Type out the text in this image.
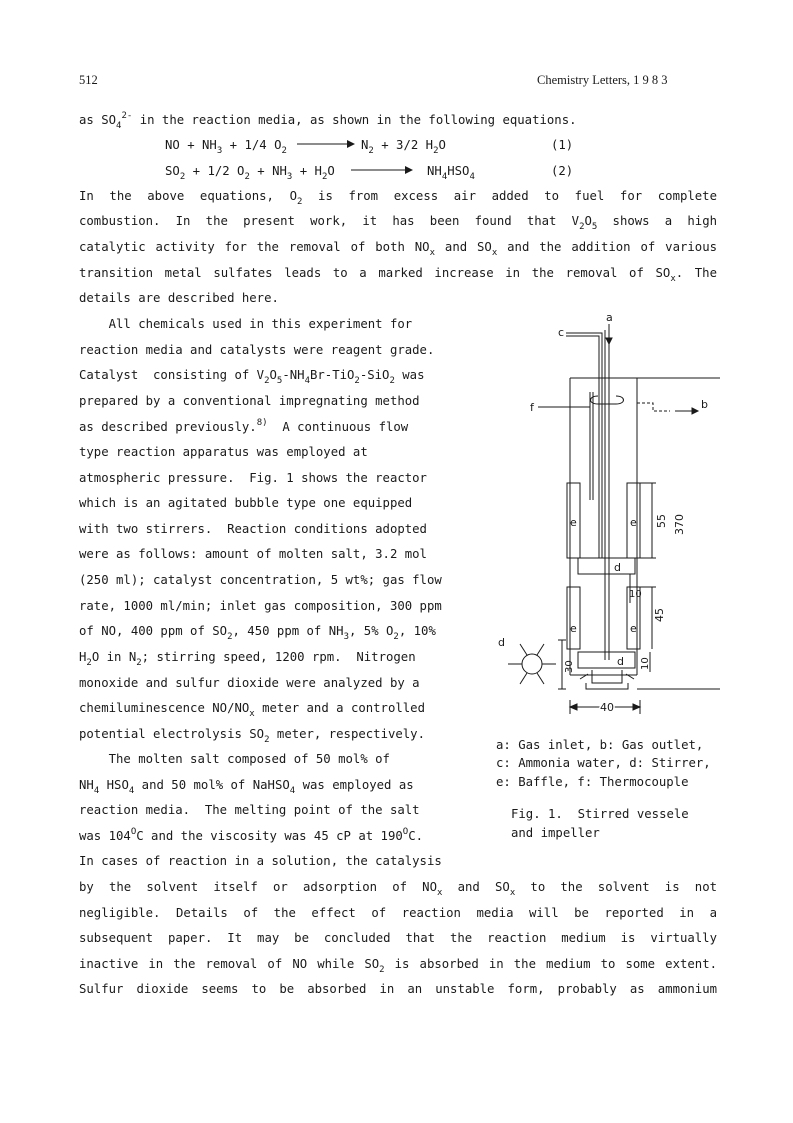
512	Chemistry Letters, 1 9 8 3
as $SO_4^{2-}$ in the reaction media, as shown in the following equations.
NO + $NH_3 + 1/4$ $O_2 \to N_2 + 3/2$ $H_2O$	(1)
$SO_2 + 1/2$ $O_2 + NH_3 + H_2O \to NH_4HSO_4$	(2)
In the above equations, $O_2$ is from excess air added to fuel for complete
combustion. In the present work, it has been found that $V_2O_5$ shows a high
catalytic activity for the removal of both $NO_x$ and $SO_x$ and the addition of various
transition metal sulfates leads to a marked increase in the removal of $SO_x$. The
details are described here.
All chemicals used in this experiment for
reaction media and catalysts were reagent grade.
Catalyst  consisting of $V_2O_5-NH_4Br-TiO_2-SiO_2$ was
prepared by a conventional impregnating method
as described previously.$^{8)}$  A continuous flow
type reaction apparatus was employed at
atmospheric pressure.  Fig. 1 shows the reactor
which is an agitated bubble type one equipped
with two stirrers.  Reaction conditions adopted
were as follows: amount of molten salt, 3.2 mol
(250 ml); catalyst concentration, 5 wt%; gas flow
rate, 1000 ml/min; inlet gas composition, 300 ppm
of NO, 400 ppm of $SO_2$, 450 ppm of $NH_3$, 5% $O_2$, 10%
$H_2O$ in $N_2$; stirring speed, 1200 rpm.  Nitrogen
monoxide and sulfur dioxide were analyzed by a
chemiluminescence $NO/NO_x$ meter and a controlled
potential electrolysis $SO_2$ meter, respectively.
The molten salt composed of 50 mol% of
$NH_4$ $HSO_4$ and 50 mol% of NaHSO$_4$ was employed as
reaction media.  The melting point of the salt
was $104^OC$ and the viscosity was 45 cP at $190^OC$.
In cases of reaction in a solution, the catalysis
a
c
f	b
e	e
d
e	e
d
d
370
55
45
10
10
30
40
a: Gas inlet, b: Gas outlet,
c: Ammonia water, d: Stirrer,
e: Baffle, f: Thermocouple
Fig. 1.  Stirred vessele
and impeller
by the solvent itself or adsorption of $NO_x$ and $SO_x$ to the solvent is not
negligible. Details of the effect of reaction media will be reported in a
subsequent paper. It may be concluded that the reaction medium is virtually
inactive in the removal of NO while $SO_2$ is absorbed in the medium to some extent.
Sulfur dioxide seems to be absorbed in an unstable form, probably as ammonium
